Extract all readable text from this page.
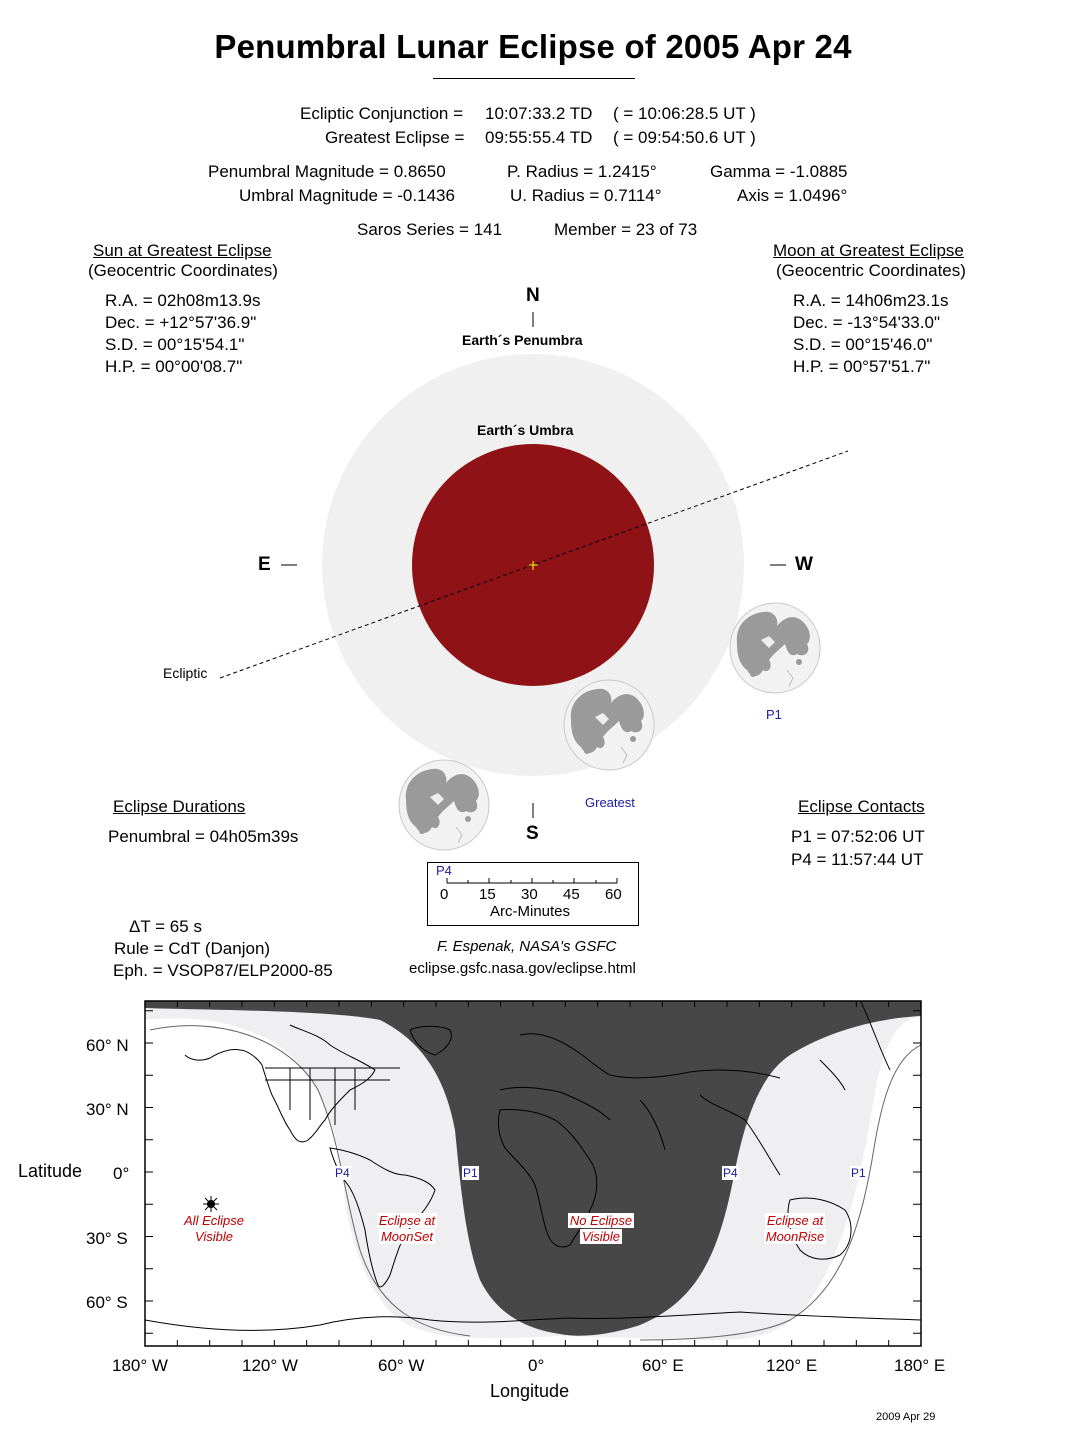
Penumbral Lunar Eclipse of 2005 Apr 24
Ecliptic Conjunction = 10:07:33.2 TD ( = 10:06:28.5 UT )
Greatest Eclipse = 09:55:55.4 TD ( = 09:54:50.6 UT )
Penumbral Magnitude = 0.8650
Umbral Magnitude = -0.1436
P. Radius = 1.2415°
U. Radius = 0.7114°
Gamma = -1.0885
Axis = 1.0496°
Saros Series = 141	Member = 23 of 73
Sun at Greatest Eclipse
(Geocentric Coordinates)
R.A. = 02h08m13.9s
Dec. = +12°57'36.9"
S.D. = 00°15'54.1"
H.P. = 00°00'08.7"
Moon at Greatest Eclipse
(Geocentric Coordinates)
R.A. = 14h06m23.1s
Dec. = -13°54'33.0"
S.D. = 00°15'46.0"
H.P. = 00°57'51.7"
N
S
E	W
Earth´s Penumbra
Earth´s Umbra
Ecliptic
P1
Greatest
Eclipse Durations
Penumbral = 04h05m39s
Eclipse Contacts
P1 = 07:52:06 UT
P4 = 11:57:44 UT
P4
0 15 30 45 60
Arc-Minutes
F. Espenak, NASA's GSFC
eclipse.gsfc.nasa.gov/eclipse.html
ΔT = 65 s
Rule = CdT (Danjon)
Eph. = VSOP87/ELP2000-85
Latitude
Longitude
60° N
30° N
0°
30° S
60° S
180° W	120° W	60° W	0°	60° E	120° E	180° E
All Eclipse
Visible
Eclipse at
MoonSet
No Eclipse
Visible
Eclipse at
MoonRise
P4	P1	P4	P1
2009 Apr 29
